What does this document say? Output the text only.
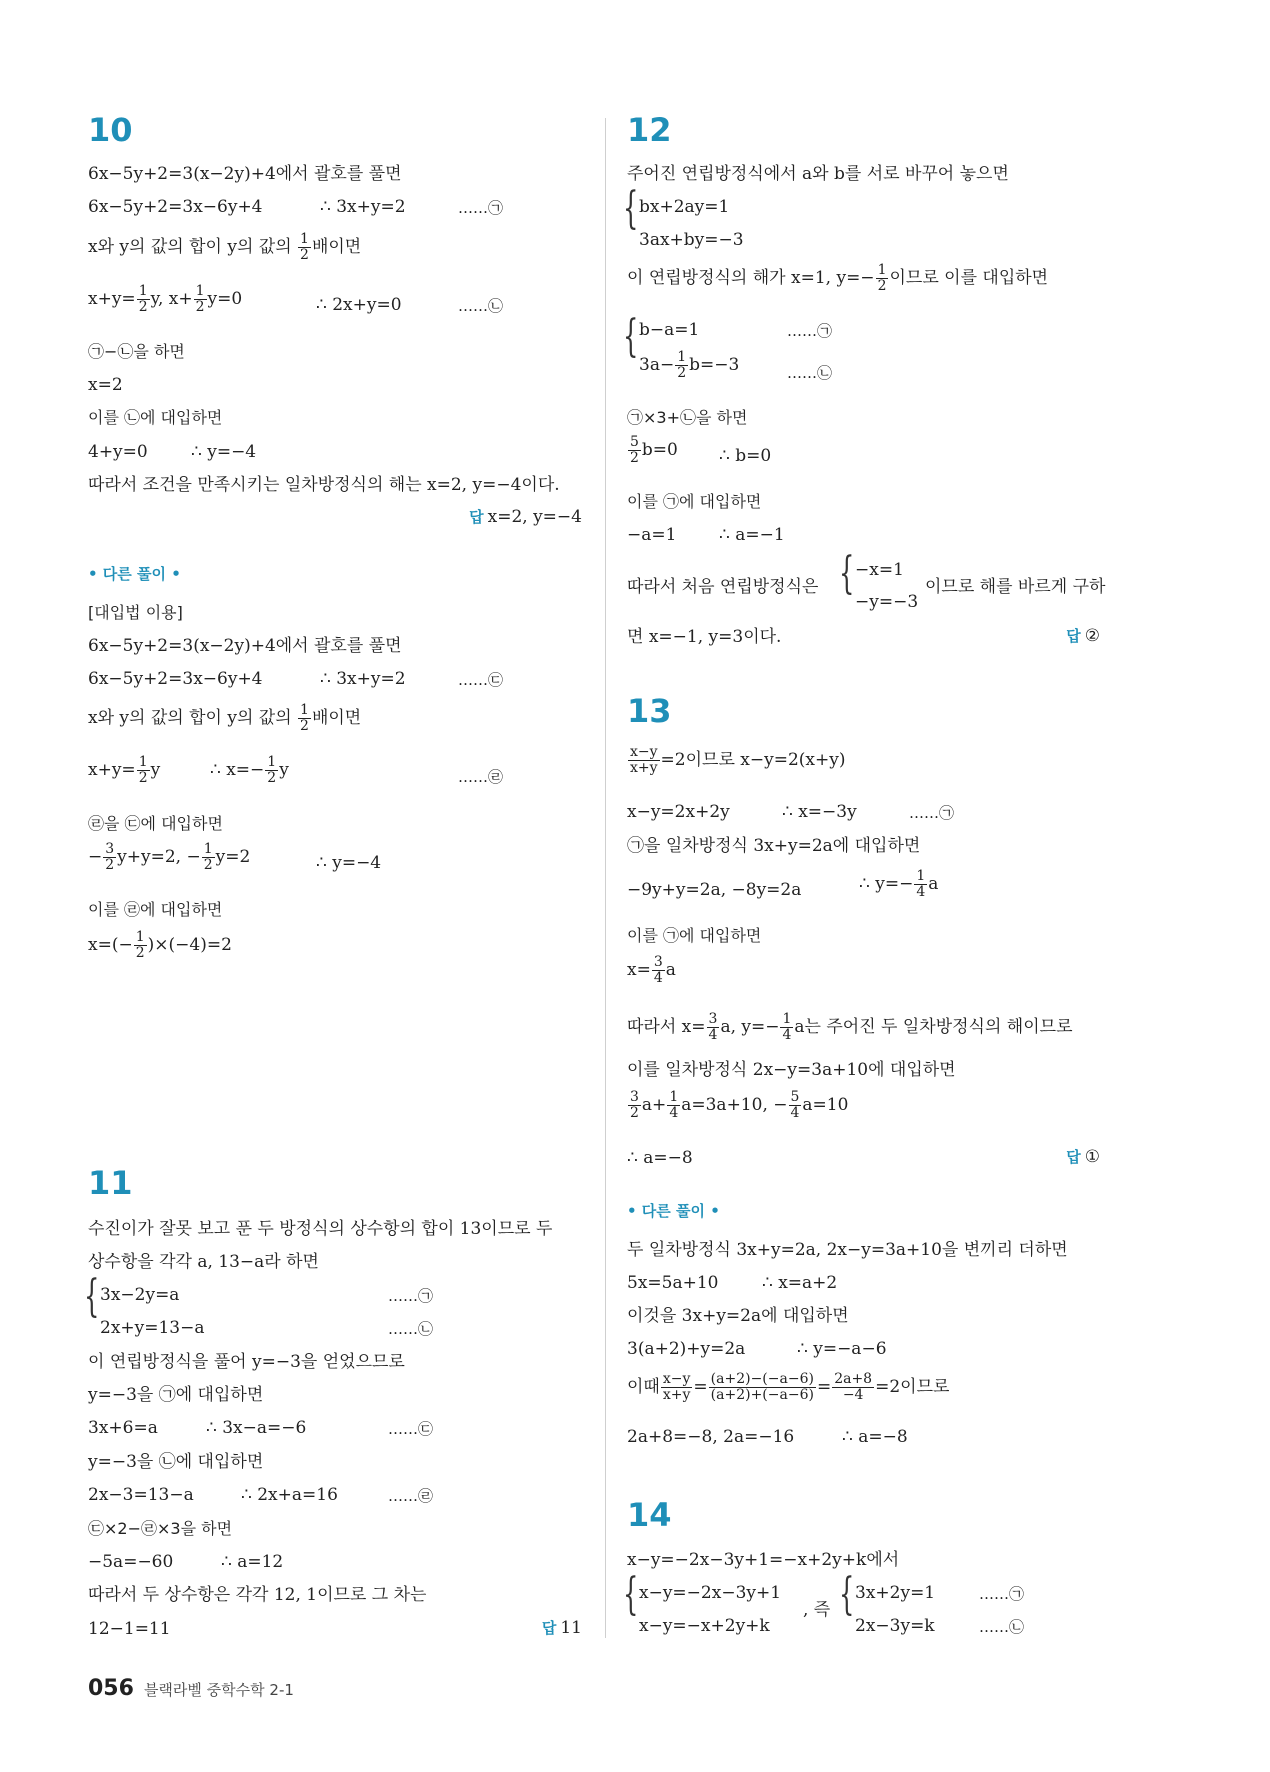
10
6x−5y+2=3(x−2y)+4에서 괄호를 풀면
6x−5y+2=3x−6y+4	∴ 3x+y=2	……㉠
x와 y의 값의 합이 y의 값의 $\frac{1}{2}$ 배이면
$x+y= \frac{1}{2} y$, $x+ \frac{1}{2} y=0$	∴ 2x+y=0	……㉡
㉠−㉡을 하면
x=2
이를 ㉡에 대입하면
4+y=0	∴ y=−4
따라서 조건을 만족시키는 일차방정식의 해는 x=2, y=−4이다.
답 x=2, y=−4
• 다른 풀이 •
[대입법 이용]
6x−5y+2=3(x−2y)+4에서 괄호를 풀면
6x−5y+2=3x−6y+4	∴ 3x+y=2	……㉢
x와 y의 값의 합이 y의 값의 $\frac{1}{2}$ 배이면
$x+y= \frac{1}{2}$ y	∴ $x=- \frac{1}{2}$ y	……㉣
㉣을 ㉢에 대입하면
− $\frac{3}{2} y+y=2$, − $\frac{1}{2} y=2$	∴ y=−4
이를 ㉣에 대입하면
$x=(- \frac{1}{2} )\times(-4)=2$
11
수진이가 잘못 보고 푼 두 방정식의 상수항의 합이 13이므로 두
상수항을 각각 a, 13−a라 하면
{ 3x−2y=a	……㉠
2x+y=13−a	……㉡
이 연립방정식을 풀어 y=−3을 얻었으므로
y=−3을 ㉠에 대입하면
3x+6=a	∴ 3x−a=−6	……㉢
y=−3을 ㉡에 대입하면
2x−3=13−a	∴ 2x+a=16	……㉣
㉢×2−㉣×3을 하면
−5a=−60	∴ a=12
따라서 두 상수항은 각각 12, 1이므로 그 차는
12−1=11	답 11
12
주어진 연립방정식에서 a와 b를 서로 바꾸어 놓으면
{ bx+2ay=1
3ax+by=−3
이 연립방정식의 해가 x=1, $y=- \frac{1}{2}$ 이므로 이를 대입하면
{ b−a=1	……㉠
$3a- \frac{1}{2} b=-3$	……㉡
㉠×3+㉡을 하면
$\frac{5}{2} b=0$ ∴ b=0
이를 ㉠에 대입하면
−a=1	∴ a=−1
따라서 처음 연립방정식은 { −x=1
−y=−3
이므로 해를 바르게 구하
면 x=−1, y=3이다.	답 ②
13
$\frac{x-y}{x+y} =2$이므로 x−y=2(x+y)
x−y=2x+2y	∴ x=−3y	……㉠
㉠을 일차방정식 3x+y=2a에 대입하면
−9y+y=2a, −8y=2a	∴ $y=- \frac{1}{4}$ a
이를 ㉠에 대입하면
$x= \frac{3}{4}$ a
따라서 $x= \frac{3}{4} a$, $y=- \frac{1}{4}$ a는 주어진 두 일차방정식의 해이므로
이를 일차방정식 2x−y=3a+10에 대입하면
$\frac{3}{2} a+ \frac{1}{4} a=3a+10$, − $\frac{5}{4} a=10$
∴ a=−8	답 ①
• 다른 풀이 •
두 일차방정식 3x+y=2a, 2x−y=3a+10을 변끼리 더하면
5x=5a+10	∴ x=a+2
이것을 3x+y=2a에 대입하면
3(a+2)+y=2a	∴ y=−a−6
이때 $\frac{x-y}{x+y} = \frac{(a+2)-(-a-6)}{(a+2)+(-a-6)} = \frac{2a+8}{-4} =2$이므로
2a+8=−8, 2a=−16	∴ a=−8
14
x−y=−2x−3y+1=−x+2y+k에서
{ x−y=−2x−3y+1
x−y=−x+2y+k
, 즉 { 3x+2y=1	……㉠
2x−3y=k	……㉡
056 블랙라벨 중학수학 2-1
